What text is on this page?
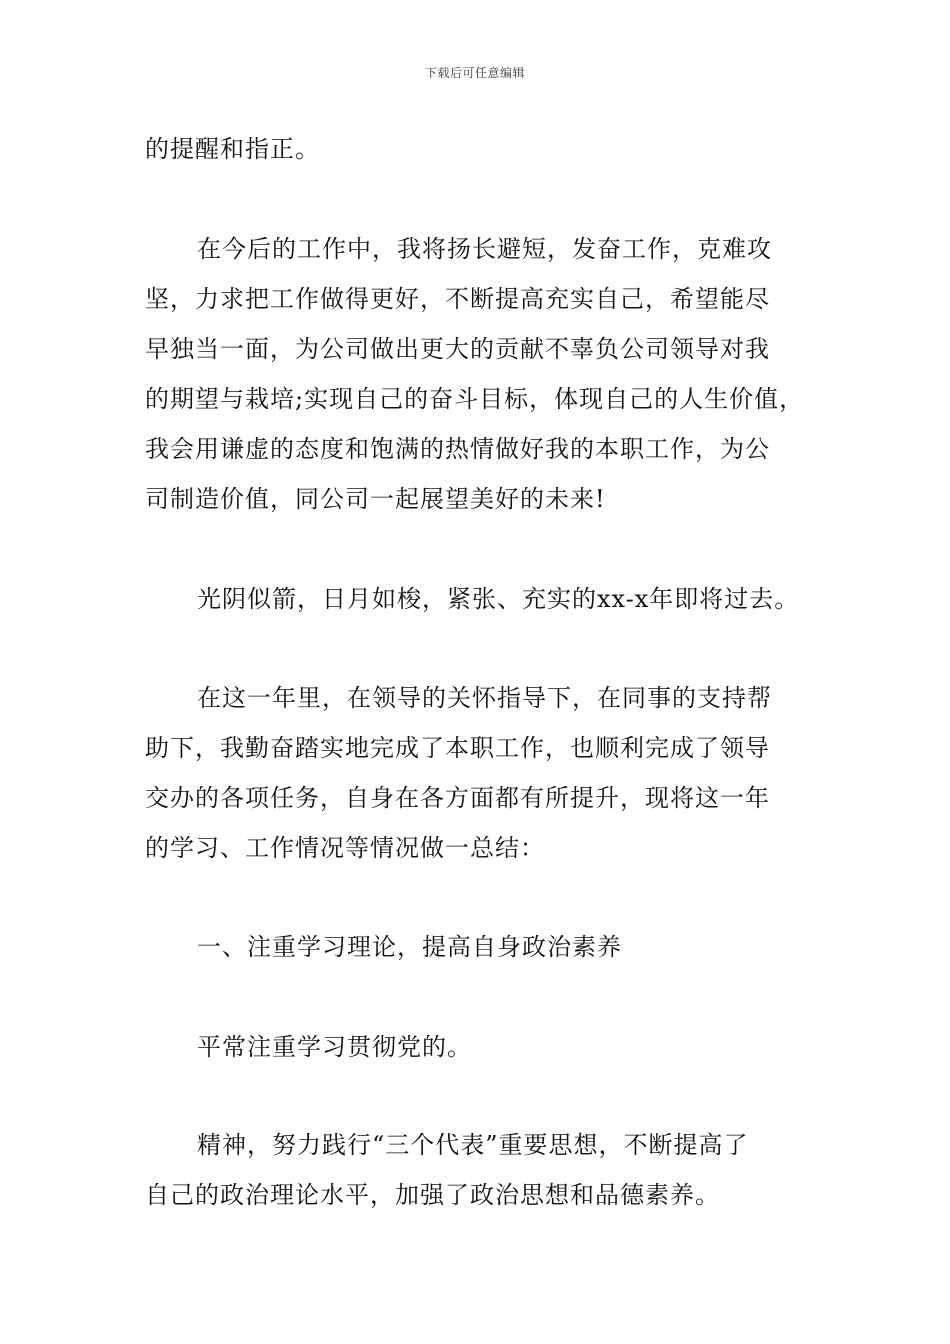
下载后可任意编辑
的提醒和指正。
在今后的工作中，我将扬长避短，发奋工作，克难攻
坚，力求把工作做得更好，不断提高充实自己，希望能尽
早独当一面，为公司做出更大的贡献不辜负公司领导对我
的期望与栽培;实现自己的奋斗目标，体现自己的人生价值，
我会用谦虚的态度和饱满的热情做好我的本职工作，为公
司制造价值，同公司一起展望美好的未来!
光阴似箭，日月如梭，紧张、充实的xx-x年即将过去。
在这一年里，在领导的关怀指导下，在同事的支持帮
助下，我勤奋踏实地完成了本职工作，也顺利完成了领导
交办的各项任务，自身在各方面都有所提升，现将这一年
的学习、工作情况等情况做一总结：
一、注重学习理论，提高自身政治素养
平常注重学习贯彻党的。
精神，努力践行“三个代表”重要思想，不断提高了
自己的政治理论水平，加强了政治思想和品德素养。
